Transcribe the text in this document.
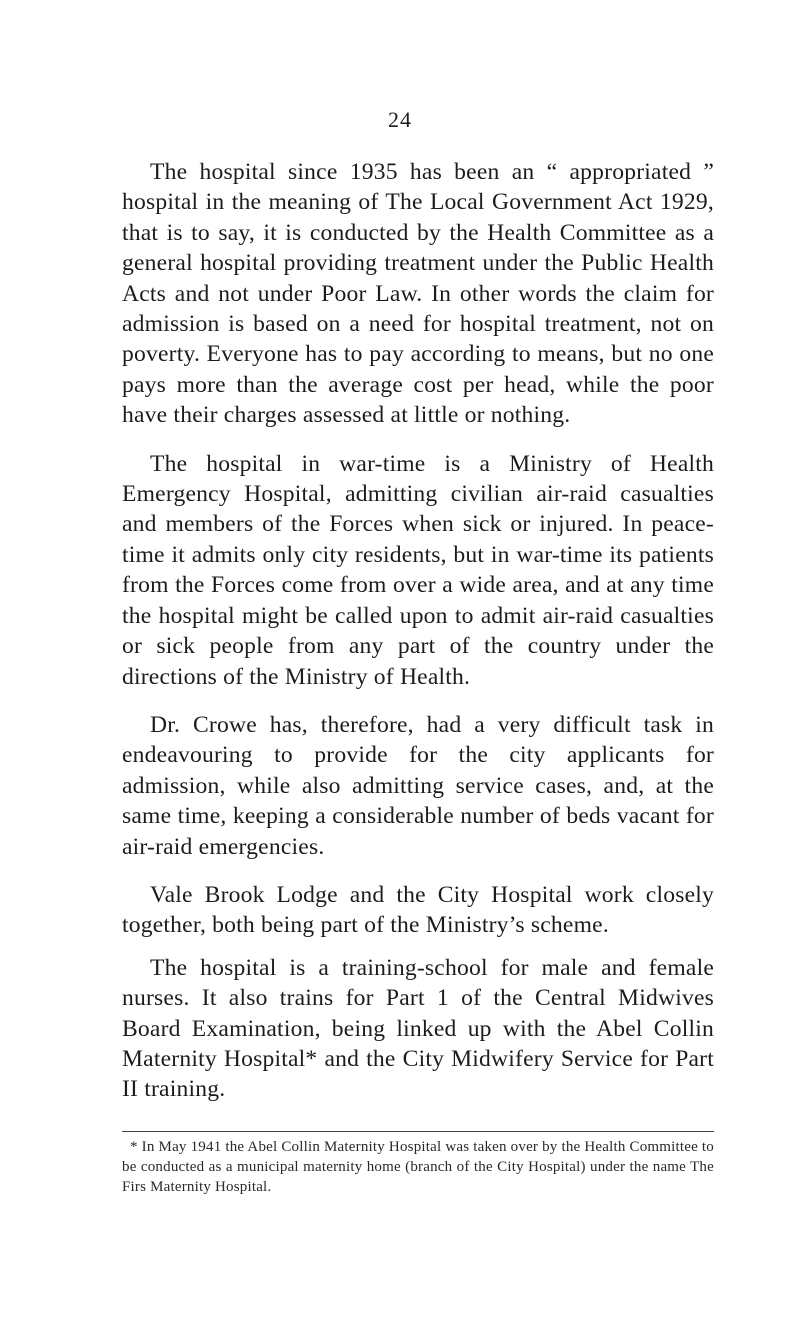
24

The hospital since 1935 has been an “ appropriated ” hospital in the meaning of The Local Government Act 1929, that is to say, it is conducted by the Health Committee as a general hospital providing treatment under the Public Health Acts and not under Poor Law. In other words the claim for admission is based on a need for hospital treatment, not on poverty. Everyone has to pay according to means, but no one pays more than the average cost per head, while the poor have their charges assessed at little or nothing.

The hospital in war-time is a Ministry of Health Emergency Hospital, admitting civilian air-raid casualties and members of the Forces when sick or injured. In peace-time it admits only city residents, but in war-time its patients from the Forces come from over a wide area, and at any time the hospital might be called upon to admit air-raid casualties or sick people from any part of the country under the directions of the Ministry of Health.

Dr. Crowe has, therefore, had a very difficult task in endeavouring to provide for the city applicants for admission, while also admitting service cases, and, at the same time, keeping a considerable number of beds vacant for air-raid emergencies.

Vale Brook Lodge and the City Hospital work closely together, both being part of the Ministry’s scheme.

The hospital is a training-school for male and female nurses. It also trains for Part 1 of the Central Midwives Board Examination, being linked up with the Abel Collin Maternity Hospital* and the City Midwifery Service for Part II training.

* In May 1941 the Abel Collin Maternity Hospital was taken over by the Health Committee to be conducted as a municipal maternity home (branch of the City Hospital) under the name The Firs Maternity Hospital.
